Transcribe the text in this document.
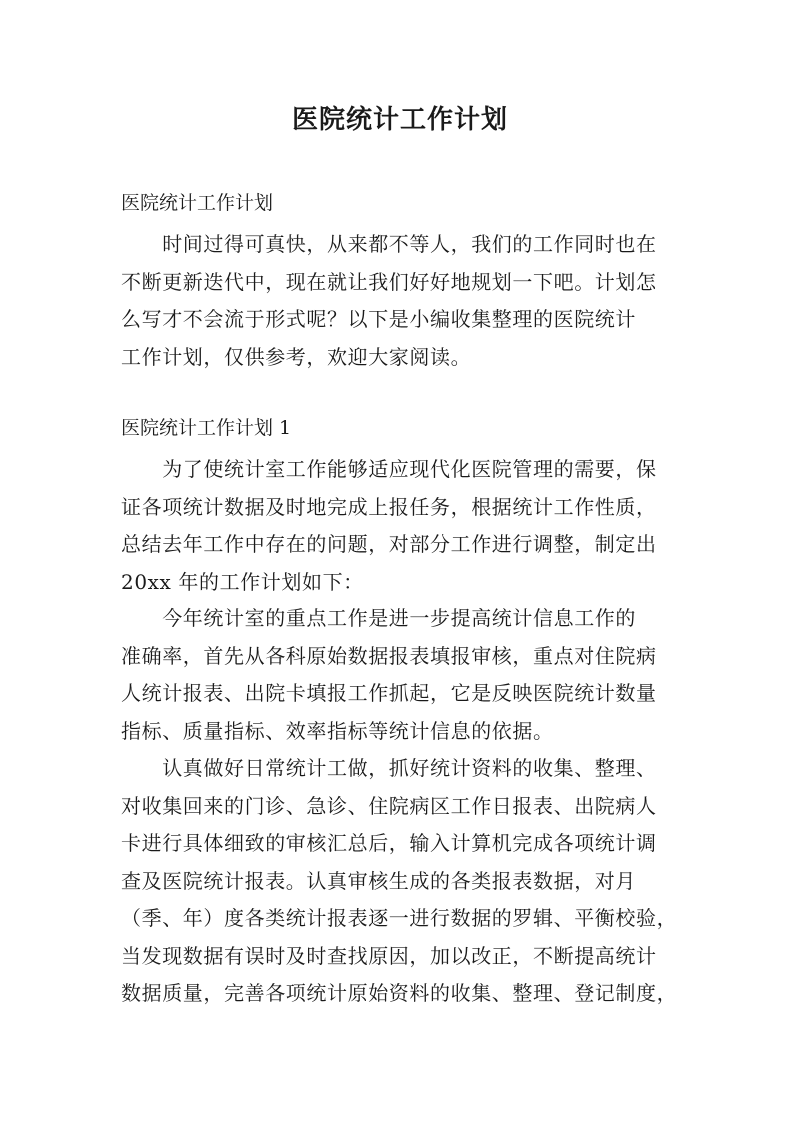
医院统计工作计划

医院统计工作计划

　　时间过得可真快，从来都不等人，我们的工作同时也在
不断更新迭代中，现在就让我们好好地规划一下吧。计划怎
么写才不会流于形式呢？以下是小编收集整理的医院统计
工作计划，仅供参考，欢迎大家阅读。

医院统计工作计划 1

　　为了使统计室工作能够适应现代化医院管理的需要，保
证各项统计数据及时地完成上报任务，根据统计工作性质，
总结去年工作中存在的问题，对部分工作进行调整，制定出
20xx 年的工作计划如下：

　　今年统计室的重点工作是进一步提高统计信息工作的
准确率，首先从各科原始数据报表填报审核，重点对住院病
人统计报表、出院卡填报工作抓起，它是反映医院统计数量
指标、质量指标、效率指标等统计信息的依据。

　　认真做好日常统计工做，抓好统计资料的收集、整理、
对收集回来的门诊、急诊、住院病区工作日报表、出院病人
卡进行具体细致的审核汇总后，输入计算机完成各项统计调
查及医院统计报表。认真审核生成的各类报表数据，对月
（季、年）度各类统计报表逐一进行数据的罗辑、平衡校验，
当发现数据有误时及时查找原因，加以改正，不断提高统计
数据质量，完善各项统计原始资料的收集、整理、登记制度，
